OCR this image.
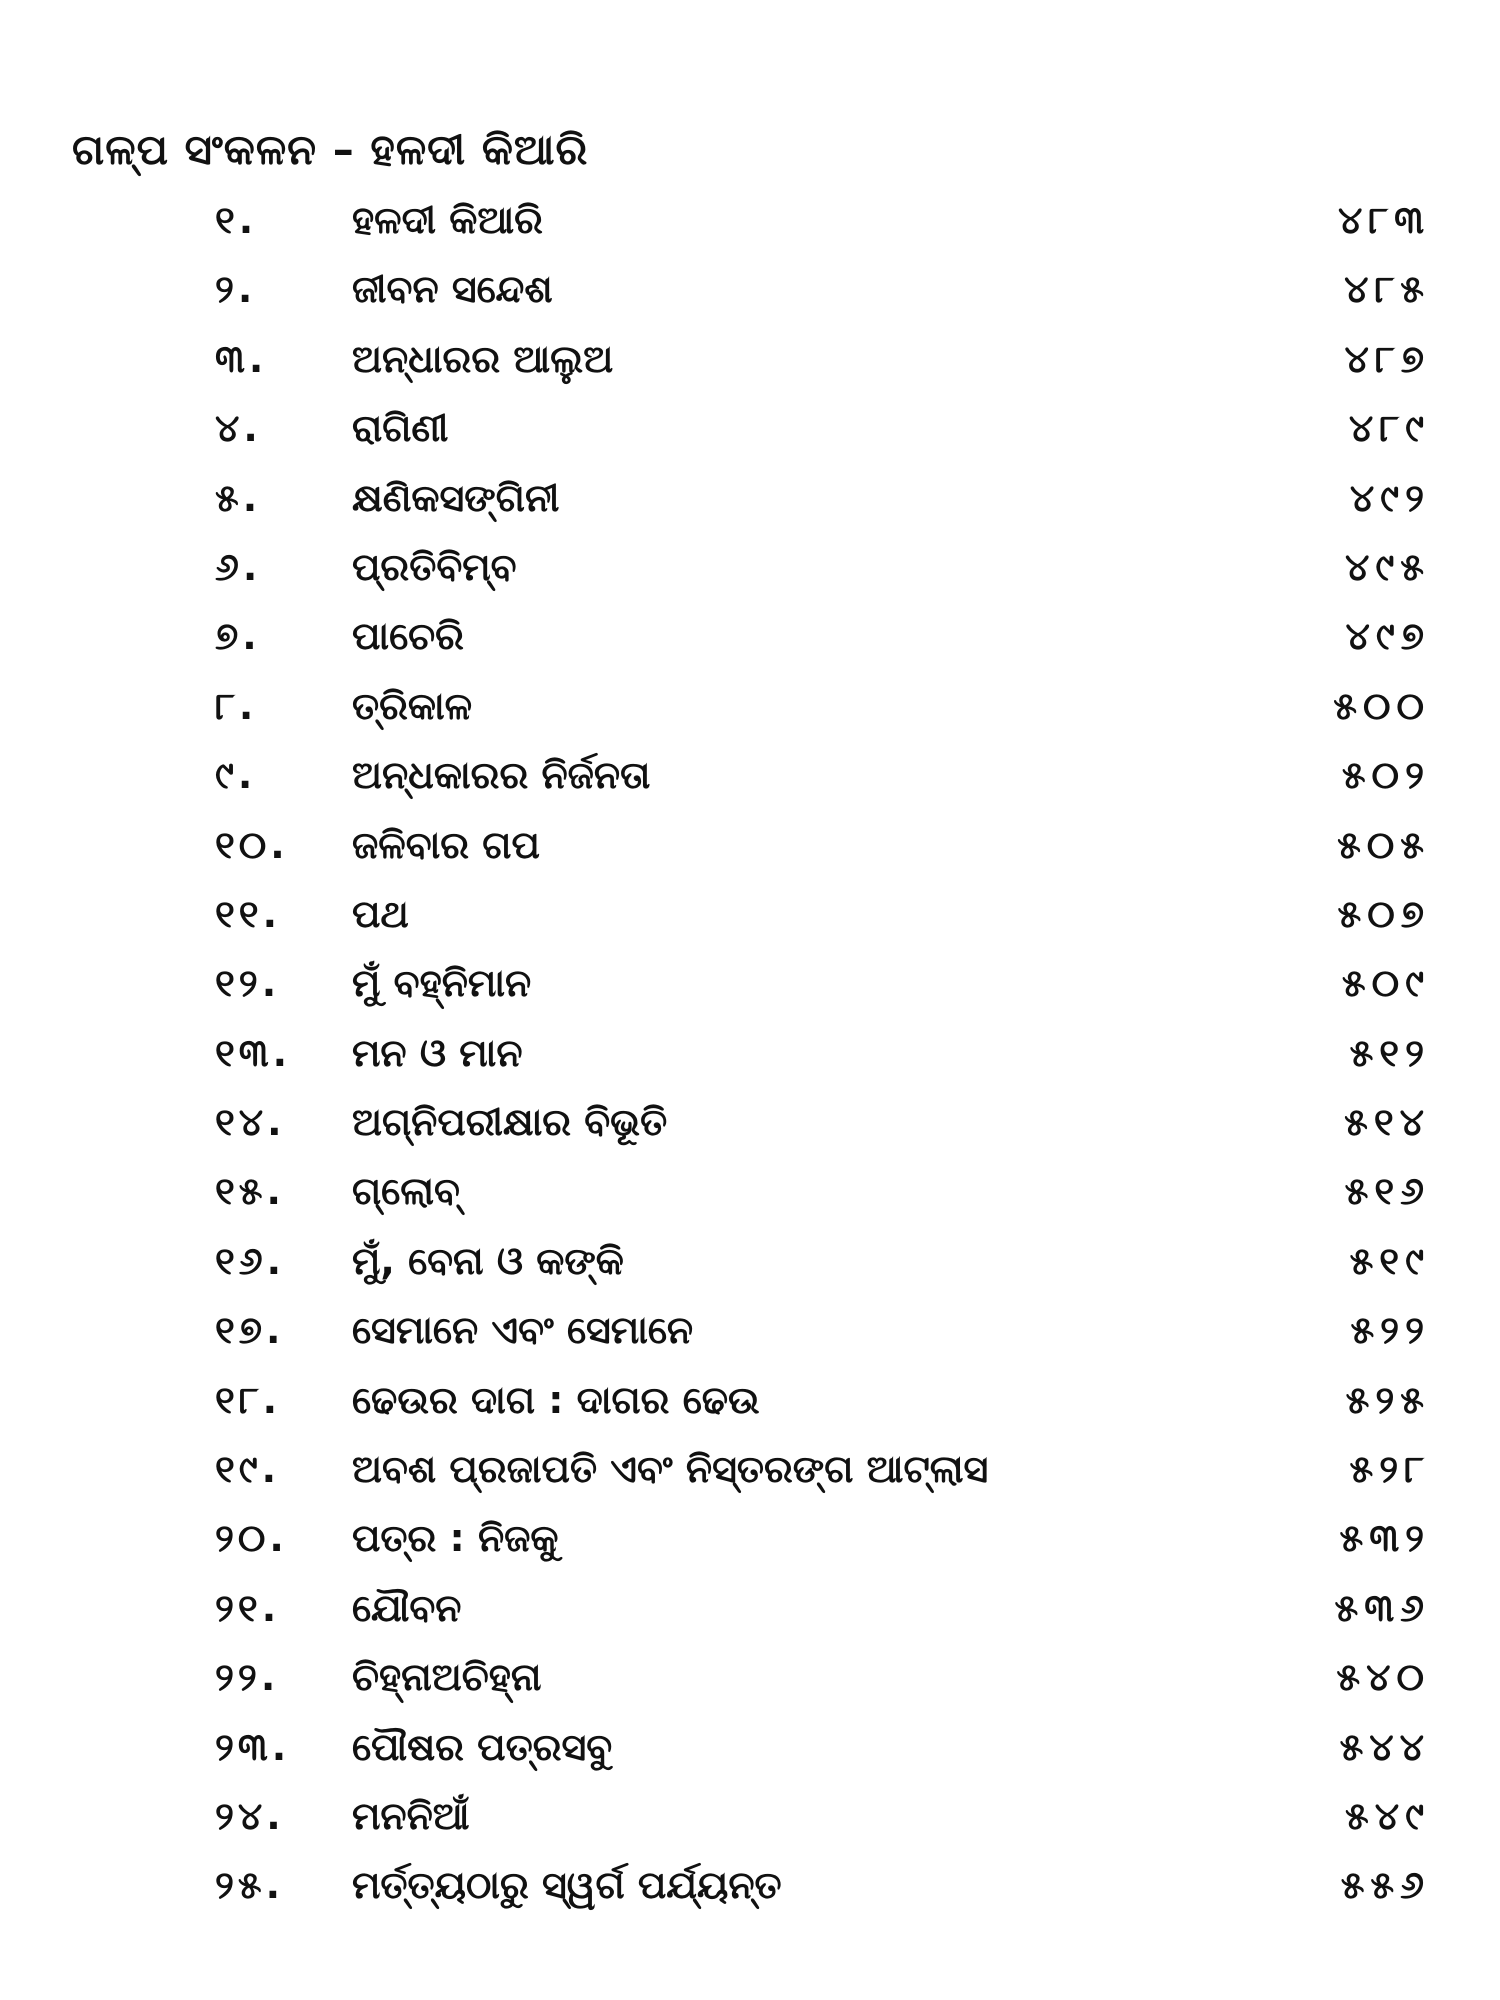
ଗଳ୍ପ ସଂକଳନ – ହଳଦୀ କିଆରି
୧. ହଳଦୀ କିଆରି	୪୮୩
୨.	ଜୀବନ ସନ୍ଦେଶ	୪୮୫
୩. ଅନ୍ଧାରର ଆଲୁଅ	୪୮୭
୪. ରାଗିଣୀ	୪୮୯
୫. କ୍ଷଣିକସଙ୍ଗିନୀ	୪୯୨
୬. ପ୍ରତିବିମ୍ବ	୪୯୫
୭. ପାଚେରି	୪୯୭
୮. ତ୍ରିକାଳ	୫୦୦
୯.	ଅନ୍ଧକାରର ନିର୍ଜନତା	୫୦୨
୧୦. ଜଳିବାର ଗପ	୫୦୫
୧୧. ପଥ	୫୦୭
୧୨. ମୁଁ ବହ୍ନିମାନ	୫୦୯
୧୩. ମନ ଓ ମାନ	୫୧୨
୧୪. ଅଗ୍ନିପରୀକ୍ଷାର ବିଭୂତି	୫୧୪
୧୫. ଗ୍ଲୋବ୍	୫୧୬
୧୬. ମୁଁ, ବେନା ଓ କଙ୍କି	୫୧୯
୧୭. ସେମାନେ ଏବଂ ସେମାନେ	୫୨୨
୧୮. ଢେଉର ଦାଗ : ଦାଗର ଢେଉ	୫୨୫
୧୯. ଅବଶ ପ୍ରଜାପତି ଏବଂ ନିସ୍ତରଙ୍ଗ ଆଟ୍ଲାସ	୫୨୮
୨୦. ପତ୍ର : ନିଜକୁ	୫୩୨
୨୧. ଯୌବନ	୫୩୬
୨୨. ଚିହ୍ନାଅଚିହ୍ନା	୫୪୦
୨୩. ପୌଷର ପତ୍ରସବୁ	୫୪୪
୨୪. ମନନିଆଁ	୫୪୯
୨୫. ମର୍ତ୍ତ୍ୟଠାରୁ ସ୍ୱର୍ଗ ପର୍ଯ୍ୟନ୍ତ	୫୫୬
